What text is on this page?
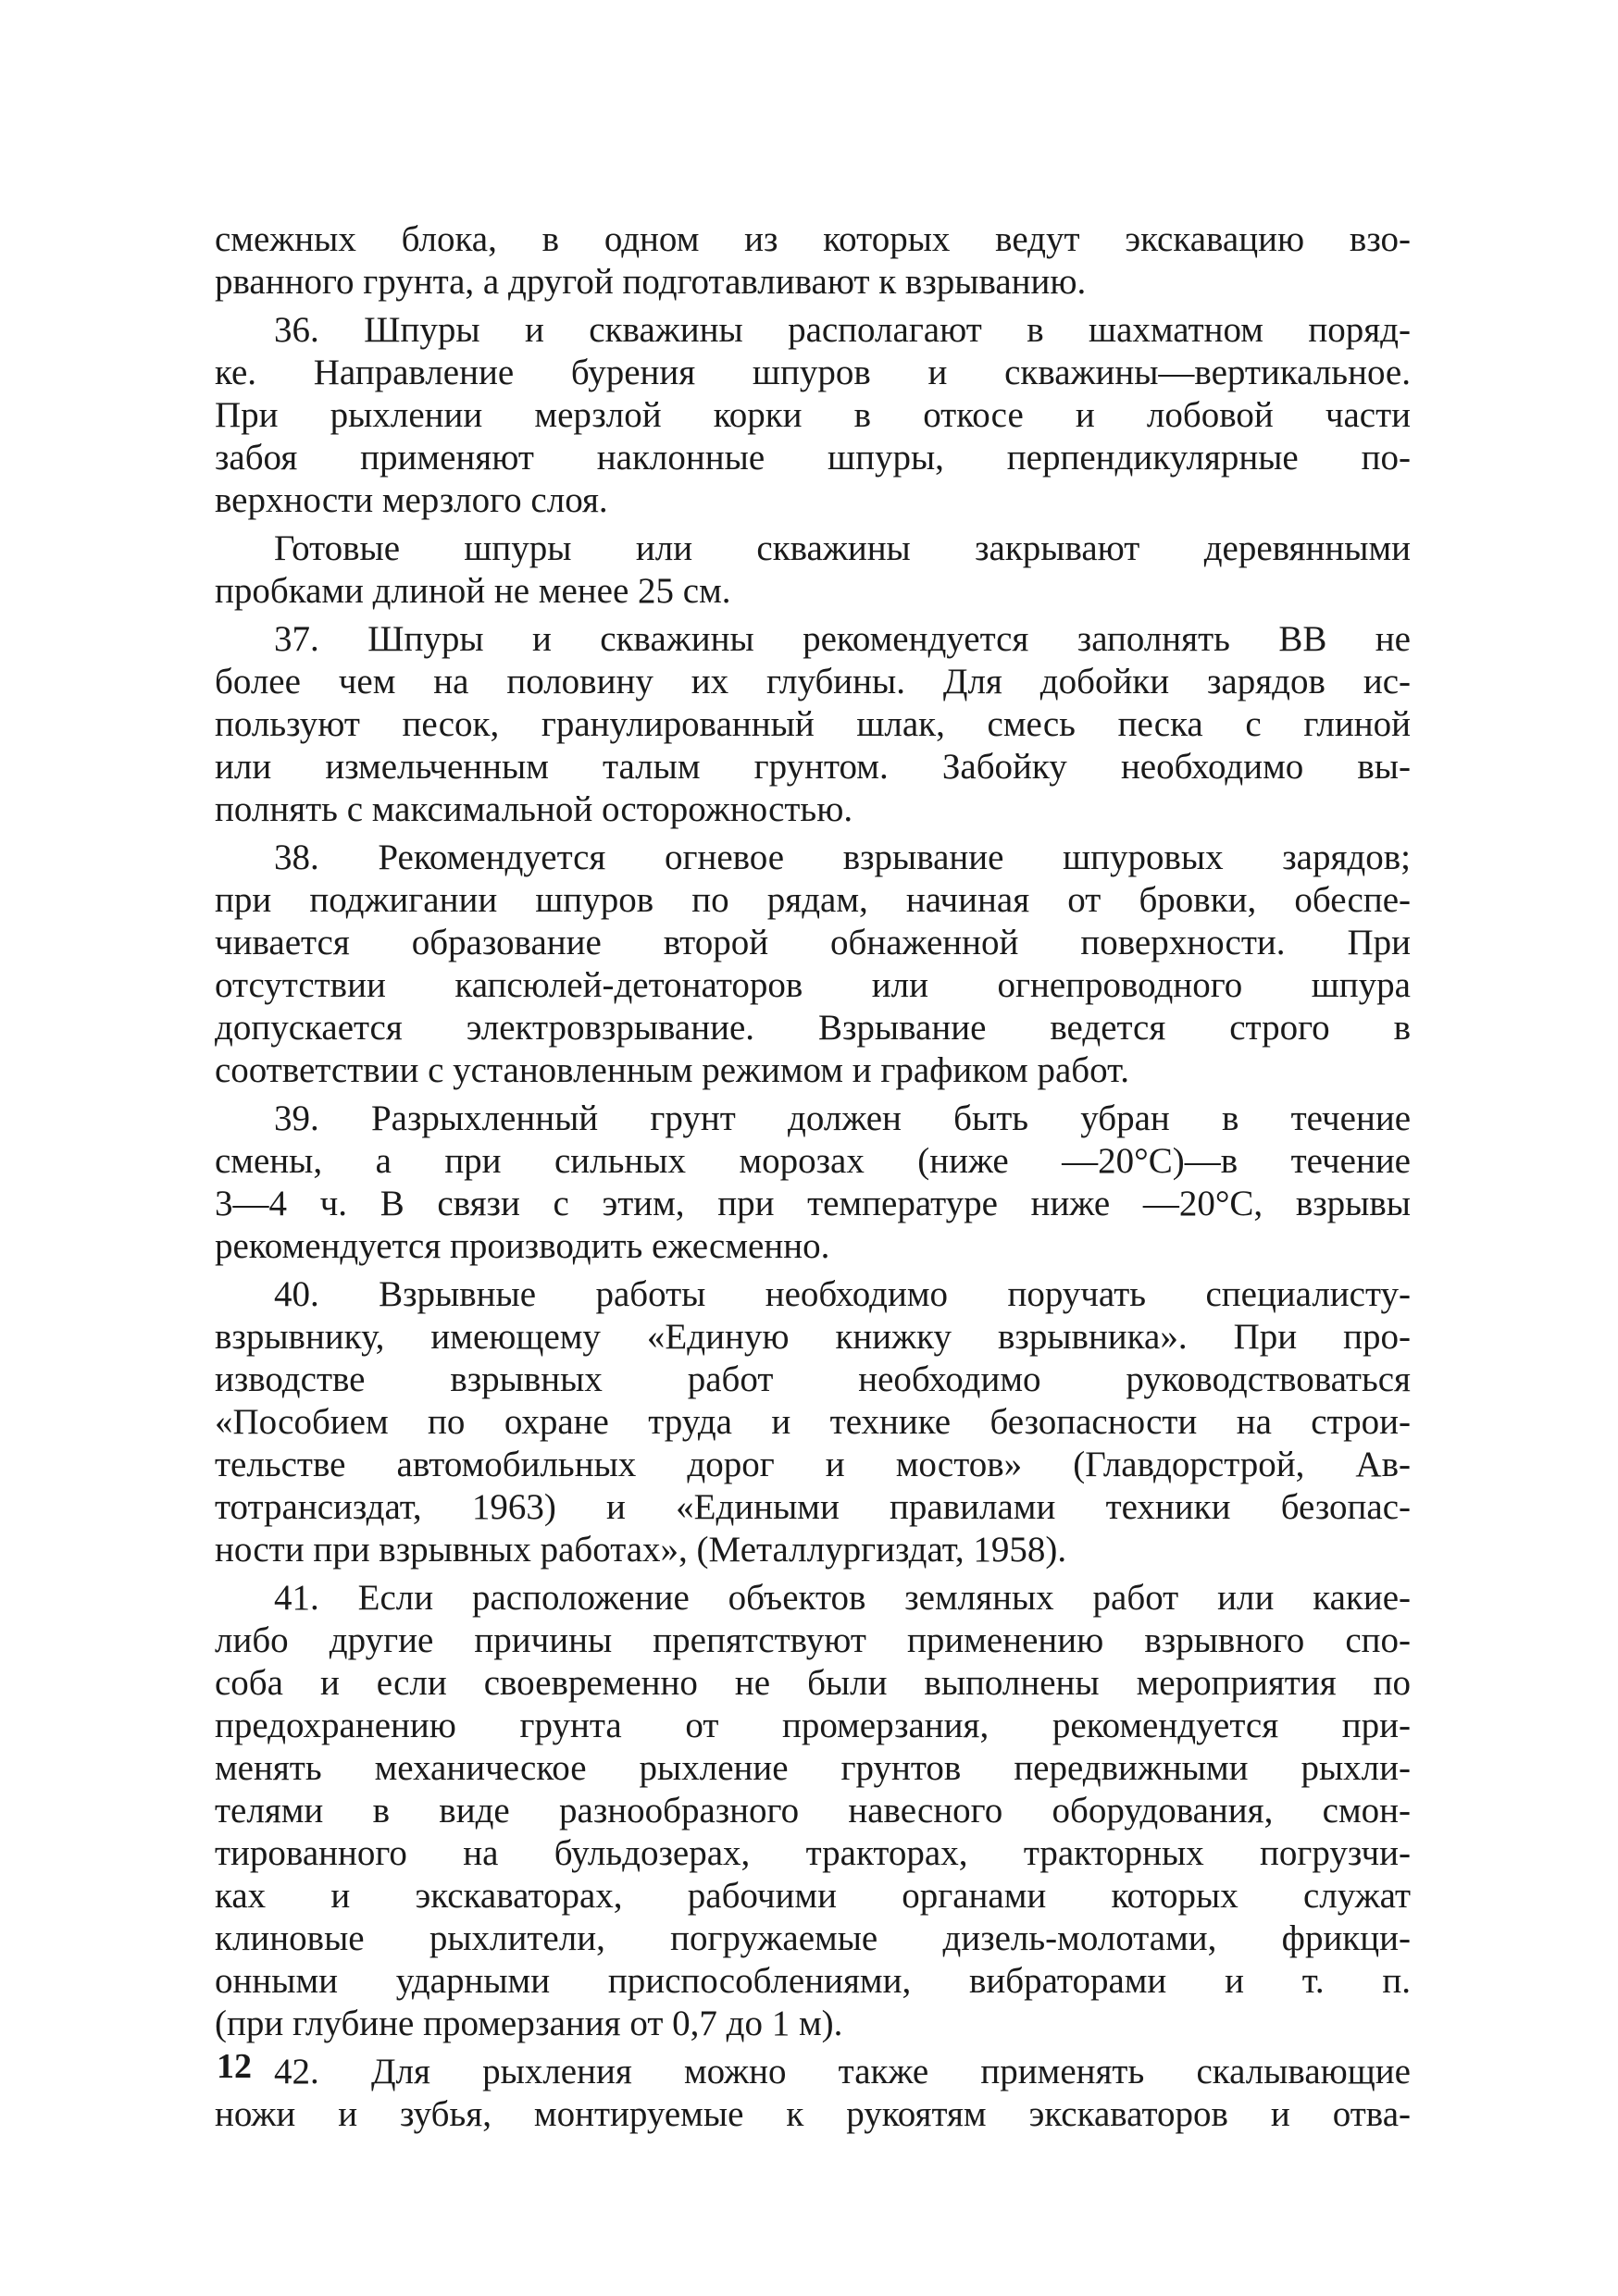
смежных блока, в одном из которых ведут экскавацию взо-
рванного грунта, а другой подготавливают к взрыванию.
36. Шпуры и скважины располагают в шахматном поряд-
ке. Направление бурения шпуров и скважины—вертикальное.
При рыхлении мерзлой корки в откосе и лобовой части
забоя применяют наклонные шпуры, перпендикулярные по-
верхности мерзлого слоя.
Готовые шпуры или скважины закрывают деревянными
пробками длиной не менее 25 см.
37. Шпуры и скважины рекомендуется заполнять ВВ не
более чем на половину их глубины. Для добойки зарядов ис-
пользуют песок, гранулированный шлак, смесь песка с глиной
или измельченным талым грунтом. Забойку необходимо вы-
полнять с максимальной осторожностью.
38. Рекомендуется огневое взрывание шпуровых зарядов;
при поджигании шпуров по рядам, начиная от бровки, обеспе-
чивается образование второй обнаженной поверхности. При
отсутствии капсюлей-детонаторов или огнепроводного шпура
допускается электровзрывание. Взрывание ведется строго в
соответствии с установленным режимом и графиком работ.
39. Разрыхленный грунт должен быть убран в течение
смены, а при сильных морозах (ниже —20°С)—в течение
3—4 ч. В связи с этим, при температуре ниже —20°С, взрывы
рекомендуется производить ежесменно.
40. Взрывные работы необходимо поручать специалисту-
взрывнику, имеющему «Единую книжку взрывника». При про-
изводстве взрывных работ необходимо руководствоваться
«Пособием по охране труда и технике безопасности на строи-
тельстве автомобильных дорог и мостов» (Главдорстрой, Ав-
тотрансиздат, 1963) и «Едиными правилами техники безопас-
ности при взрывных работах», (Металлургиздат, 1958).
41. Если расположение объектов земляных работ или какие-
либо другие причины препятствуют применению взрывного спо-
соба и если своевременно не были выполнены мероприятия по
предохранению грунта от промерзания, рекомендуется при-
менять механическое рыхление грунтов передвижными рыхли-
телями в виде разнообразного навесного оборудования, смон-
тированного на бульдозерах, тракторах, тракторных погрузчи-
ках и экскаваторах, рабочими органами которых служат
клиновые рыхлители, погружаемые дизель-молотами, фрикци-
онными ударными приспособлениями, вибраторами и т. п.
(при глубине промерзания от 0,7 до 1 м).
42. Для рыхления можно также применять скалывающие
ножи и зубья, монтируемые к рукоятям экскаваторов и отва-
12
